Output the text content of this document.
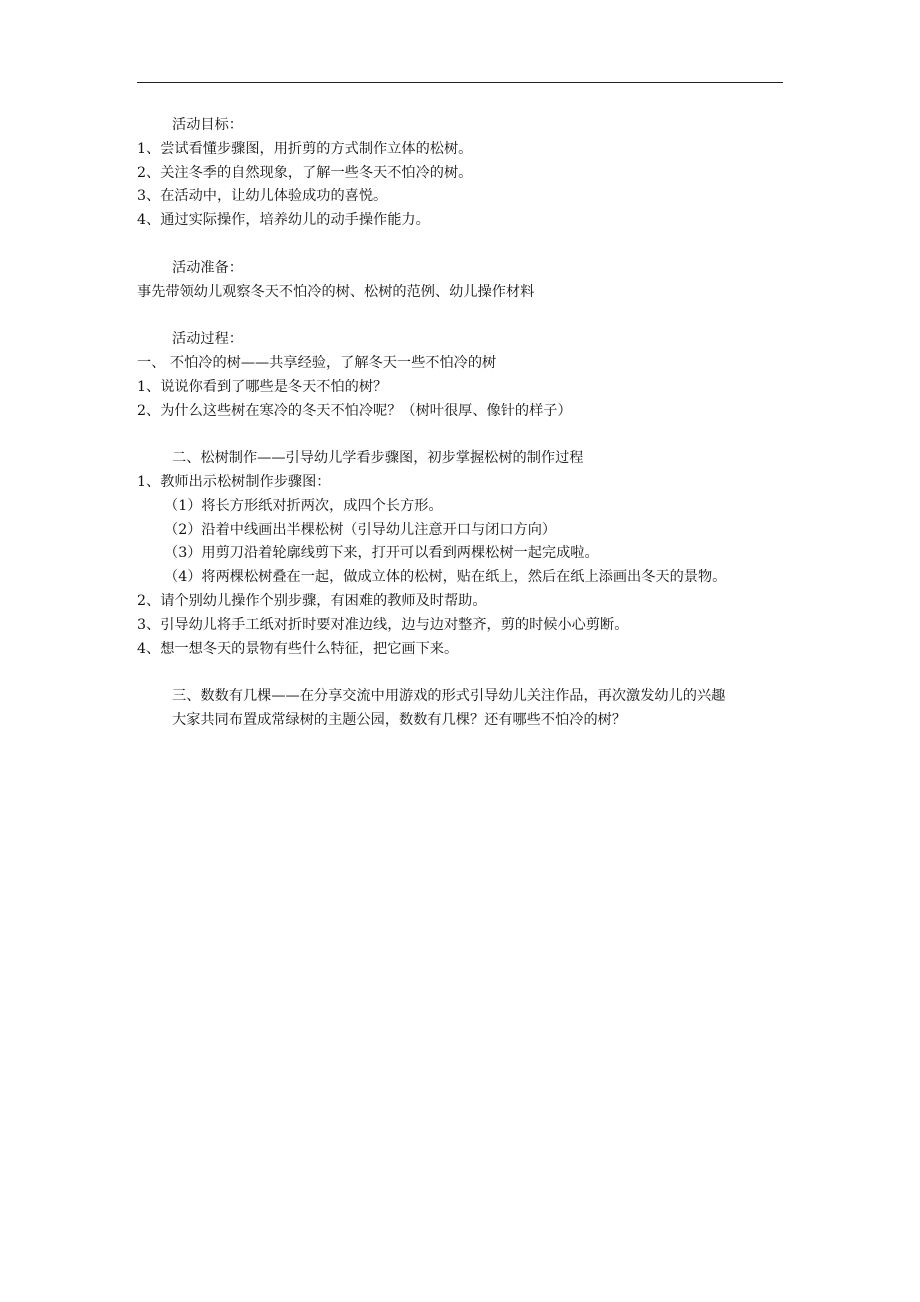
活动目标：
1、尝试看懂步骤图，用折剪的方式制作立体的松树。
2、关注冬季的自然现象，了解一些冬天不怕冷的树。
3、在活动中，让幼儿体验成功的喜悦。
4、通过实际操作，培养幼儿的动手操作能力。
活动准备：
事先带领幼儿观察冬天不怕冷的树、松树的范例、幼儿操作材料
活动过程：
一、 不怕冷的树——共享经验，了解冬天一些不怕冷的树
1、说说你看到了哪些是冬天不怕的树？
2、为什么这些树在寒冷的冬天不怕冷呢？（树叶很厚、像针的样子）
二、松树制作——引导幼儿学看步骤图，初步掌握松树的制作过程
1、教师出示松树制作步骤图：
（1）将长方形纸对折两次，成四个长方形。
（2）沿着中线画出半棵松树（引导幼儿注意开口与闭口方向）
（3）用剪刀沿着轮廓线剪下来，打开可以看到两棵松树一起完成啦。
（4）将两棵松树叠在一起，做成立体的松树，贴在纸上，然后在纸上添画出冬天的景物。
2、请个别幼儿操作个别步骤，有困难的教师及时帮助。
3、引导幼儿将手工纸对折时要对准边线，边与边对整齐，剪的时候小心剪断。
4、想一想冬天的景物有些什么特征，把它画下来。
三、数数有几棵——在分享交流中用游戏的形式引导幼儿关注作品，再次激发幼儿的兴趣
大家共同布置成常绿树的主题公园，数数有几棵？还有哪些不怕冷的树？
